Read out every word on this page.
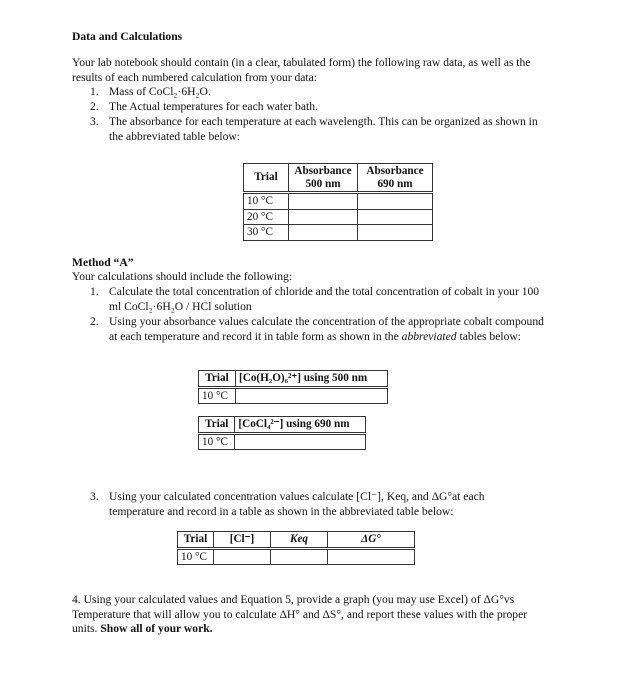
Data and Calculations
Your lab notebook should contain (in a clear, tabulated form) the following raw data, as well as the results of each numbered calculation from your data:
1. Mass of CoCl₂·6H₂O.
2. The Actual temperatures for each water bath.
3. The absorbance for each temperature at each wavelength. This can be organized as shown in the abbreviated table below:
Trial	Absorbance 500 nm	Absorbance 690 nm
10 °C		
20 °C		
30 °C		
Method “A”
Your calculations should include the following:
1. Calculate the total concentration of chloride and the total concentration of cobalt in your 100 ml CoCl₂·6H₂O / HCl solution
2. Using your absorbance values calculate the concentration of the appropriate cobalt compound at each temperature and record it in table form as shown in the abbreviated tables below:
Trial	[Co(H₂O)₆²⁺] using 500 nm
10 °C	
Trial	[CoCl₄²⁻] using 690 nm
10 °C	
3. Using your calculated concentration values calculate [Cl⁻], Keq, and ΔG°at each temperature and record in a table as shown in the abbreviated table below:
Trial	[Cl⁻]	Keq	ΔG°
10 °C			
4. Using your calculated values and Equation 5, provide a graph (you may use Excel) of ΔG°vs Temperature that will allow you to calculate ΔH° and ΔS°, and report these values with the proper units. Show all of your work.
